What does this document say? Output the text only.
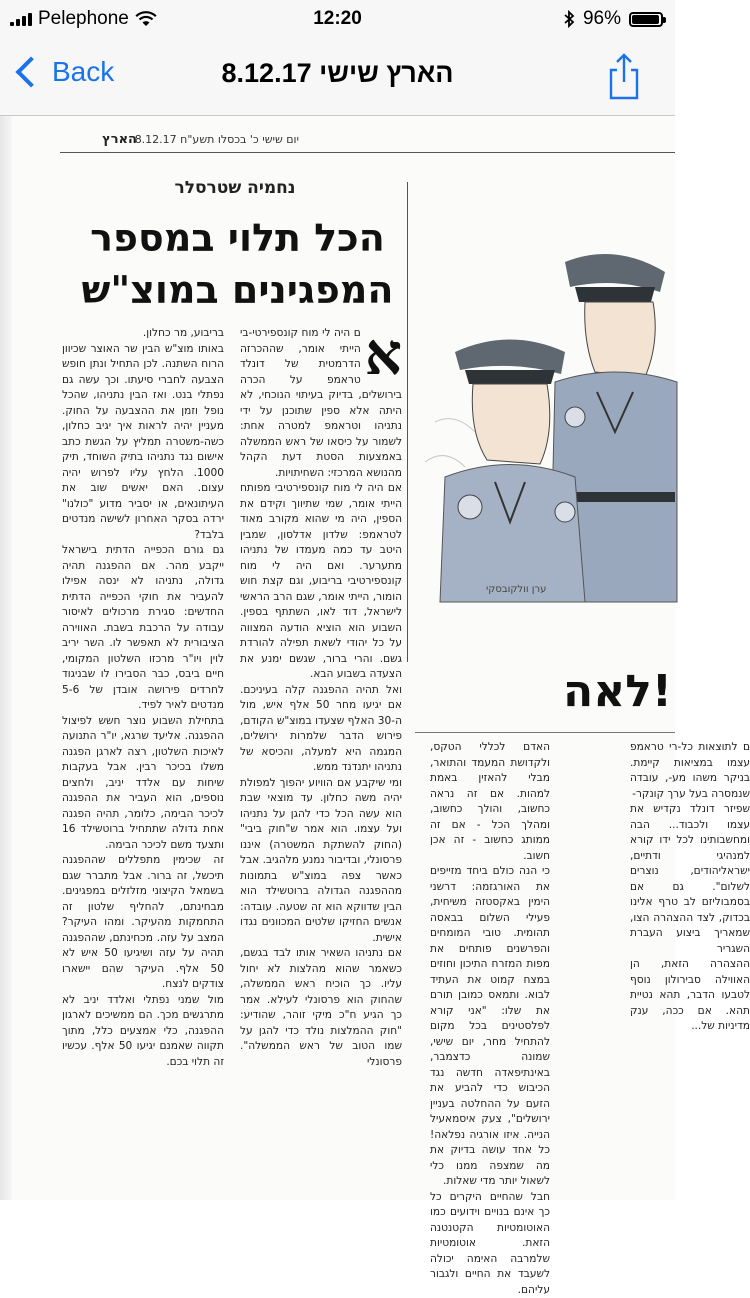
Pelephone	12:20	96%
Back	הארץ שישי 8.12.17
הארץ
יום שישי כ' בכסלו תשע"ח 8.12.17
נחמיה שטרסלר
הכל תלוי במספר
המפגינים במוצ"ש
א
ם היה לי מוח קונספירטי-בי הייתי אומר, שההכרזה הדרמטית של דונלד טראמפ על הכרה בירושלים, בדיוק בעיתוי הנוכחי, לא היתה אלא ספין שתוכנן על ידי נתניהו וטראמפ למטרה אחת: לשמור על כיסאו של ראש הממשלה באמצעות הסטת דעת הקהל מהנושא המרכזי: השחיתויות.
אם היה לי מוח קונספירטיבי מפותח הייתי אומר, שמי שתיווך וקידם את הספין, היה מי שהוא מקורב מאוד לטראמפ: שלדון אדלסון, שמבין היטב עד כמה מעמדו של נתניהו מתערער. ואם היה לי מוח קונספירטיבי בריבוע, וגם קצת חוש הומור, הייתי אומר, שגם הרב הראשי לישראל, דוד לאו, השתתף בספין. השבוע הוא הוציא הודעה המצווה על כל יהודי לשאת תפילה להורדת גשם. והרי ברור, שגשם ימנע את הצעדה בשבוע הבא.
ואל תהיה ההפגנה קלה בעיניכם. אם יגיעו מחר 50 אלף איש, מול ה-30 האלף שצעדו במוצ"ש הקודם, פירוש הדבר שלמרות ירושלים, המגמה היא למעלה, והכיסא של נתניהו יתנדנד ממש.
ומי שיקבע אם הוויוע יהפוך למפולת יהיה משה כחלון. עד מוצאי שבת הוא עשה הכל כדי להגן על נתניהו ועל עצמו. הוא אמר ש"חוק ביבי" (החוק להשתקת המשטרה) איננו פרסונלי, ובדיבור נמנע מלהגיב. אבל כאשר צפה במוצ"ש בתמונות מההפגנה הגדולה ברוטשילד הוא הבין שדווקא הוא זה שטעה. עובדה: אנשים החזיקו שלטים המכוונים נגדו אישית.
אם נתניהו השאיר אותו לבד בגשם, כשאמר שהוא מהלצות לא יחול עליו. כך הוכיח ראש הממשלה, שהחוק הוא פרסונלי לעילא. אמר כך הגיע ח"כ מיקי זוהר, שהודיע: "חוק ההמלצות נולד כדי להגן על שמו הטוב של ראש הממשלה". פרסונלי
בריבוע, מר כחלון.
באותו מוצ"ש הבין שר האוצר שכיוון הרוח השתנה. לכן התחיל ונתן חופש הצבעה לחברי סיעתו. וכך עשה גם נפתלי בנט. ואז הבין נתניהו, שהכל נופל וזמן את ההצבעה על החוק. מעניין יהיה לראות איך יגיב כחלון, כשה-משטרה תמליץ על הגשת כתב אישום נגד נתניהו בתיק השוחד, תיק 1000. הלחץ עליו לפרוש יהיה עצום. האם יאשים שוב את העיתונאים, או יסביר מדוע "כולנו" ירדה בסקר האחרון לשישה מנדטים בלבד?
גם גורם הכפייה הדתית בישראל ייקבע מהר. אם ההפגנה תהיה גדולה, נתניהו לא ינסה אפילו להעביר את חוקי הכפייה הדתית החדשים: סגירת מרכולים לאיסור עבודה על הרכבת בשבת. האווירה הציבורית לא תאפשר לו. השר יריב לוין ויו"ר מרכזו השלטון המקומי, חיים ביבס, כבר הסבירו לו שבניגוד לחרדים פירושה אובדן של 5-6 מנדטים לאיר לפיד.
בתחילת השבוע נוצר חשש לפיצול ההפגנה. אליעד שרגא, יו"ר התנועה לאיכות השלטון, רצה לארגן הפגנה משלו בכיכר רבין. אבל בעקבות שיחות עם אלדד יניב, ולחצים נוספים, הוא העביר את ההפגנה לכיכר הבימה, כלומר, תהיה הפגנה אחת גדולה שתתחיל ברוטשילד 16 ותצעד משם לכיכר הבימה.
זה שכימין מתפללים שההפגנה תיכשל, זה ברור. אבל מתברר שגם בשמאל הקיצוני מזלזלים במפגינים. מבחינתם, להחליף שלטון זה התחמקות מהעיקר. ומהו העיקר? המצב על עזה. מכחינתם, שההפגנה תהיה על עזה ושיגיעו 50 איש לא 50 אלף. העיקר שהם יישארו צודקים לנצח.
מול שמני נפתלי ואלדד יניב לא מתרגשים מכך. הם ממשיכים לארגון ההפגנה, כלי אמצעים כלל, מתוך תקווה שאמנם יגיעו 50 אלף. עכשיו זה תלוי בכם.
ערן וולקובסקי
!לאה
האדם לכללי הטקס, ולקדושת המעמד והתואר, מבלי להאזין באמת למהות. אם זה נראה כחשוב, והולך כחשוב, ומהלך הכל - אם זה ממותג כחשוב - זה אכן חשוב.
כי הנה כולם ביחד מזייפים את האורגזמה: דרשני הימין באקסטזה משיחית, פעילי השלום בבאסה תהומית. טובי המומחים והפרשנים פותחים את מפות המזרח התיכון וחוזים במצח קמוט את העתיד לבוא. ותמאס כמובן תורם את שלו: "אני קורא לפלסטינים בכל מקום להתחיל מחר, יום שישי, שמונה כדצמבר, באינתיפאדה חדשה נגד הכיבוש כדי להביע את הזעם על ההחלטה בעניין ירושלים", צעק איסמאעיל הנייה. איזו אורגיה נפלאה! כל אחד עושה בדיוק את מה שמצפה ממנו כלי לשאול יותר מדי שאלות.
חבל שהחיים היקרים כל כך אינם בנויים וידועים כמו האוטומטיות הקטנטנה הזאת. אוטומטיות שלמרבה האימה יכולה לשעבד את החיים ולגבור עליהם.
ם לתוצאות כל-רי טראמפ עצמו במציאות קיימת. בניקר משהו מע-, עובדה שנמסרה בעל ערך קונקר-
שפיזר דונלד נקדיש את עצמו ולכבוד... הבה ומחשבותינו לכל ידו קורא למנהיגי ודתיים, ישראליהודים, נוצרים לשלום". גם אם בסמבוליזם לב טרף אלינו בכדוק, לצד ההצהרה הצו, שמאריך ביצוע העברת השגריר
ההצהרה הזאת, הן האווילה סבירולון נוסף לטבעו הדבר, תהא נטיית תהא. אם ככה, ענק מדיניות של...
